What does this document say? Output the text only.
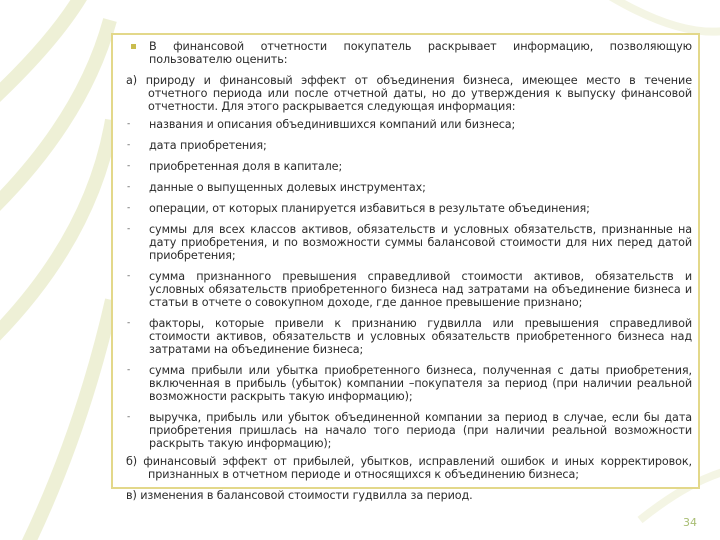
В финансовой отчетности покупатель раскрывает информацию, позволяющую пользователю оценить:
а) природу и финансовый эффект от объединения бизнеса, имеющее место в течение отчетного периода или после отчетной даты, но до утверждения к выпуску финансовой отчетности. Для этого раскрывается следующая информация:
- названия и описания объединившихся компаний или бизнеса;
- дата приобретения;
- приобретенная доля в капитале;
- данные о выпущенных долевых инструментах;
- операции, от которых планируется избавиться в результате объединения;
- суммы для всех классов активов, обязательств и условных обязательств, признанные на дату приобретения, и по возможности суммы балансовой стоимости для них перед датой приобретения;
- сумма признанного превышения справедливой стоимости активов, обязательств и условных обязательств приобретенного бизнеса над затратами на объединение бизнеса и статьи в отчете о совокупном доходе, где данное превышение признано;
- факторы, которые привели к признанию гудвилла или превышения справедливой стоимости активов, обязательств и условных обязательств приобретенного бизнеса над затратами на объединение бизнеса;
- сумма прибыли или убытка приобретенного бизнеса, полученная с даты приобретения, включенная в прибыль (убыток) компании –покупателя за период (при наличии реальной возможности раскрыть такую информацию);
- выручка, прибыль или убыток объединенной компании за период в случае, если бы дата приобретения пришлась на начало того периода (при наличии реальной возможности раскрыть такую информацию);
б) финансовый эффект от прибылей, убытков, исправлений ошибок и иных корректировок, признанных в отчетном периоде и относящихся к объединению бизнеса;
в) изменения в балансовой стоимости гудвилла за период.
34
